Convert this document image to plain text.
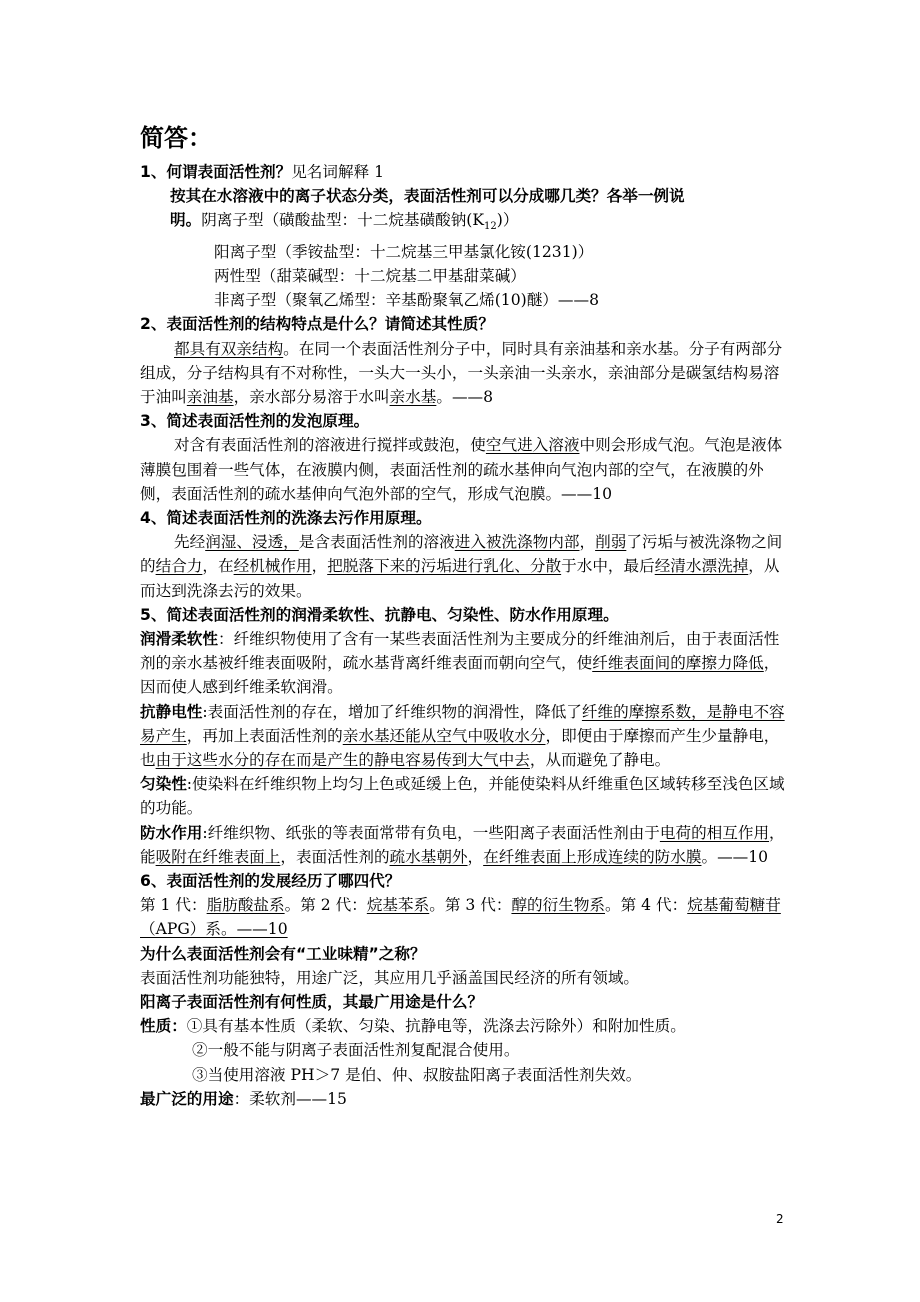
简答：

1、何谓表面活性剂？见名词解释 1

按其在水溶液中的离子状态分类，表面活性剂可以分成哪几类？各举一例说

明。阴离子型（磺酸盐型：十二烷基磺酸钠$(K_{12})$）

阳离子型（季铵盐型：十二烷基三甲基氯化铵(1231)）

两性型（甜菜碱型：十二烷基二甲基甜菜碱）

非离子型（聚氧乙烯型：辛基酚聚氧乙烯(10)醚）——8

2、表面活性剂的结构特点是什么？请简述其性质？

都具有双亲结构。在同一个表面活性剂分子中，同时具有亲油基和亲水基。分子有两部分组成，分子结构具有不对称性，一头大一头小，一头亲油一头亲水，亲油部分是碳氢结构易溶于油叫亲油基，亲水部分易溶于水叫亲水基。——8

3、简述表面活性剂的发泡原理。

对含有表面活性剂的溶液进行搅拌或鼓泡，使空气进入溶液中则会形成气泡。气泡是液体薄膜包围着一些气体，在液膜内侧，表面活性剂的疏水基伸向气泡内部的空气，在液膜的外侧，表面活性剂的疏水基伸向气泡外部的空气，形成气泡膜。——10

4、简述表面活性剂的洗涤去污作用原理。

先经润湿、浸透，是含表面活性剂的溶液进入被洗涤物内部，削弱了污垢与被洗涤物之间的结合力，在经机械作用，把脱落下来的污垢进行乳化、分散于水中，最后经清水漂洗掉，从而达到洗涤去污的效果。

5、简述表面活性剂的润滑柔软性、抗静电、匀染性、防水作用原理。

润滑柔软性：纤维织物使用了含有一某些表面活性剂为主要成分的纤维油剂后，由于表面活性剂的亲水基被纤维表面吸附，疏水基背离纤维表面而朝向空气，使纤维表面间的摩擦力降低，因而使人感到纤维柔软润滑。

抗静电性:表面活性剂的存在，增加了纤维织物的润滑性，降低了纤维的摩擦系数，是静电不容易产生，再加上表面活性剂的亲水基还能从空气中吸收水分，即便由于摩擦而产生少量静电，也由于这些水分的存在而是产生的静电容易传到大气中去，从而避免了静电。

匀染性:使染料在纤维织物上均匀上色或延缓上色，并能使染料从纤维重色区域转移至浅色区域的功能。

防水作用:纤维织物、纸张的等表面常带有负电，一些阳离子表面活性剂由于电荷的相互作用，能吸附在纤维表面上，表面活性剂的疏水基朝外，在纤维表面上形成连续的防水膜。——10

6、表面活性剂的发展经历了哪四代？

第 1 代：脂肪酸盐系。第 2 代：烷基苯系。第 3 代：醇的衍生物系。第 4 代：烷基葡萄糖苷（APG）系。——10

为什么表面活性剂会有“工业味精”之称？

表面活性剂功能独特，用途广泛，其应用几乎涵盖国民经济的所有领域。

阳离子表面活性剂有何性质，其最广用途是什么？

性质：①具有基本性质（柔软、匀染、抗静电等，洗涤去污除外）和附加性质。

②一般不能与阴离子表面活性剂复配混合使用。

③当使用溶液 PH＞7 是伯、仲、叔胺盐阳离子表面活性剂失效。

最广泛的用途：柔软剂——15

2
